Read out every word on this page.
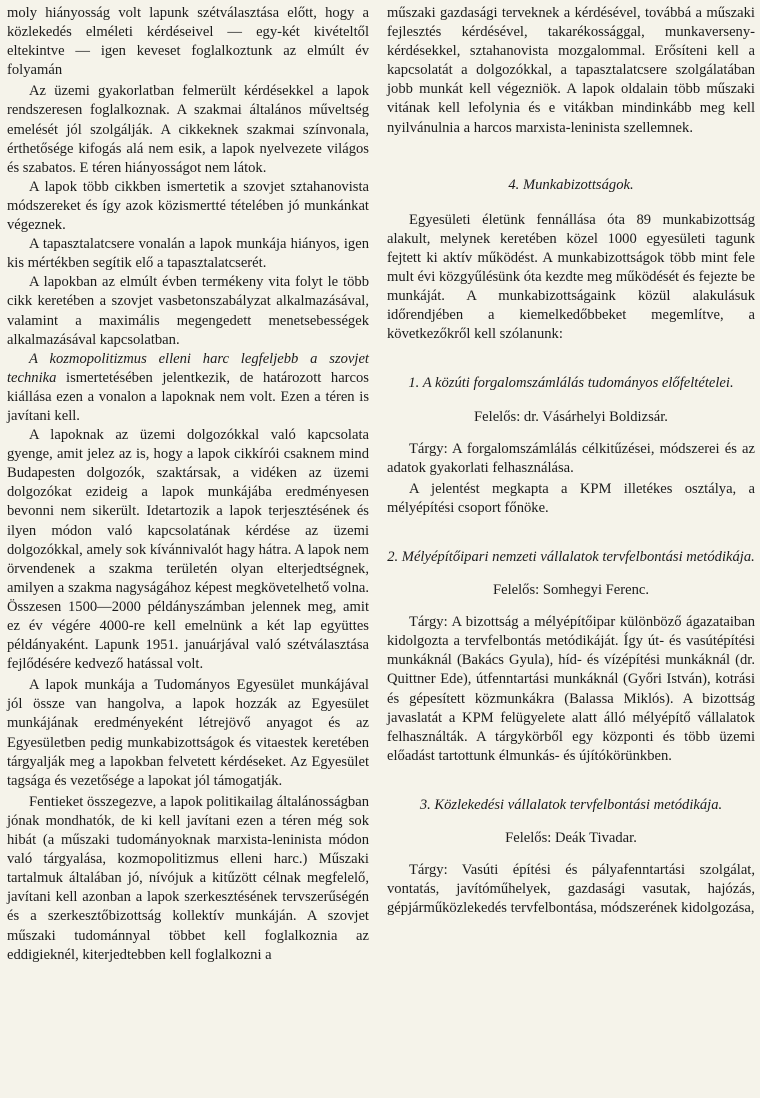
moly hiányosság volt lapunk szétválasztása előtt, hogy a közlekedés elméleti kérdéseivel — egy-két kivételtől eltekintve — igen keveset foglalkoztunk az elmúlt év folyamán

Az üzemi gyakorlatban felmerült kérdésekkel a lapok rendszeresen foglalkoznak. A szakmai általános műveltség emelését jól szolgálják. A cikkeknek szakmai színvonala, érthetősége kifogás alá nem esik, a lapok nyelvezete világos és szabatos. E téren hiányosságot nem látok.

A lapok több cikkben ismertetik a szovjet sztahanovista módszereket és így azok közismertté tételében jó munkánkat végeznek.

A tapasztalatcsere vonalán a lapok munkája hiányos, igen kis mértékben segítik elő a tapasztalatcserét.

A lapokban az elmúlt évben termékeny vita folyt le több cikk keretében a szovjet vasbetonszabályzat alkalmazásával, valamint a maximális megengedett menetsebességek alkalmazásával kapcsolatban.

A kozmopolitizmus elleni harc legfeljebb a szovjet technika ismertetésében jelentkezik, de határozott harcos kiállása ezen a vonalon a lapoknak nem volt. Ezen a téren is javítani kell.

A lapoknak az üzemi dolgozókkal való kapcsolata gyenge, amit jelez az is, hogy a lapok cikkírói csaknem mind Budapesten dolgozók, szaktársak, a vidéken az üzemi dolgozókat ezideig a lapok munkájába eredményesen bevonni nem sikerült. Idetartozik a lapok terjesztésének és ilyen módon való kapcsolatának kérdése az üzemi dolgozókkal, amely sok kívánnivalót hagy hátra. A lapok nem örvendenek a szakma területén olyan elterjedtségnek, amilyen a szakma nagyságához képest megkövetelhető volna. Összesen 1500—2000 példányszámban jelennek meg, amit ez év végére 4000-re kell emelnünk a két lap együttes példányaként. Lapunk 1951. januárjával való szétválasztása fejlődésére kedvező hatással volt.

A lapok munkája a Tudományos Egyesület munkájával jól össze van hangolva, a lapok hozzák az Egyesület munkájának eredményeként létrejövő anyagot és az Egyesületben pedig munkabizottságok és vitaestek keretében tárgyalják meg a lapokban felvetett kérdéseket. Az Egyesület tagsága és vezetősége a lapokat jól támogatják.

Fentieket összegezve, a lapok politikailag általánosságban jónak mondhatók, de ki kell javítani ezen a téren még sok hibát (a műszaki tudományoknak marxista-leninista módon való tárgyalása, kozmopolitizmus elleni harc.) Műszaki tartalmuk általában jó, nívójuk a kitűzött célnak megfelelő, javítani kell azonban a lapok szerkesztésének tervszerűségén és a szerkesztőbizottság kollektív munkáján. A szovjet műszaki tudománnyal többet kell foglalkoznia az eddigieknél, kiterjedtebben kell foglalkozni a

műszaki gazdasági terveknek a kérdésével, továbbá a műszaki fejlesztés kérdésével, takarékossággal, munkaverseny-kérdésekkel, sztahanovista mozgalommal. Erősíteni kell a kapcsolatát a dolgozókkal, a tapasztalatcsere szolgálatában jobb munkát kell végezniök. A lapok oldalain több műszaki vitának kell lefolynia és e vitákban mindinkább meg kell nyilvánulnia a harcos marxista-leninista szellemnek.

4. Munkabizottságok.

Egyesületi életünk fennállása óta 89 munkabizottság alakult, melynek keretében közel 1000 egyesületi tagunk fejtett ki aktív működést. A munkabizottságok több mint fele mult évi közgyűlésünk óta kezdte meg működését és fejezte be munkáját. A munkabizottságaink közül alakulásuk időrendjében a kiemelkedőbbeket megemlítve, a következőkről kell szólanunk:

1. A közúti forgalomszámlálás tudományos előfeltételei.

Felelős: dr. Vásárhelyi Boldizsár.

Tárgy: A forgalomszámlálás célkitűzései, módszerei és az adatok gyakorlati felhasználása.

A jelentést megkapta a KPM illetékes osztálya, a mélyépítési csoport főnöke.

2. Mélyépítőipari nemzeti vállalatok tervfelbontási metódikája.

Felelős: Somhegyi Ferenc.

Tárgy: A bizottság a mélyépítőipar különböző ágazataiban kidolgozta a tervfelbontás metódikáját. Így út- és vasútépítési munkáknál (Bakács Gyula), híd- és vízépítési munkáknál (dr. Quittner Ede), útfenntartási munkáknál (Győri István), kotrási és gépesített közmunkákra (Balassa Miklós). A bizottság javaslatát a KPM felügyelete alatt álló mélyépítő vállalatok felhasználták. A tárgykörből egy központi és több üzemi előadást tartottunk élmunkás- és újítókörünkben.

3. Közlekedési vállalatok tervfelbontási metódikája.

Felelős: Deák Tivadar.

Tárgy: Vasúti építési és pályafenntartási szolgálat, vontatás, javítóműhelyek, gazdasági vasutak, hajózás, gépjárműközlekedés tervfelbontása, módszerének kidolgozása,
